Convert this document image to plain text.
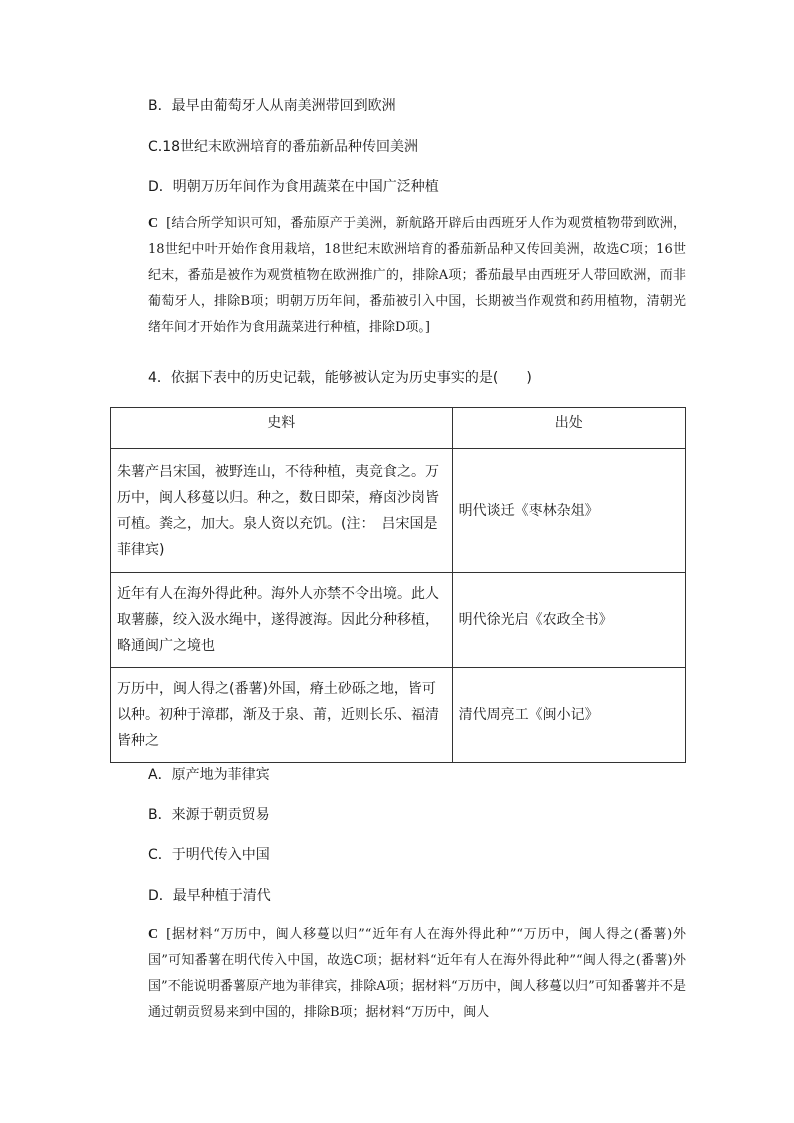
B．最早由葡萄牙人从南美洲带回到欧洲
C.18世纪末欧洲培育的番茄新品种传回美洲
D．明朝万历年间作为食用蔬菜在中国广泛种植
C [结合所学知识可知，番茄原产于美洲，新航路开辟后由西班牙人作为观赏植物带到欧洲，18世纪中叶开始作食用栽培，18世纪末欧洲培育的番茄新品种又传回美洲，故选C项；16世纪末，番茄是被作为观赏植物在欧洲推广的，排除A项；番茄最早由西班牙人带回欧洲，而非葡萄牙人，排除B项；明朝万历年间，番茄被引入中国，长期被当作观赏和药用植物，清朝光绪年间才开始作为食用蔬菜进行种植，排除D项。]
4．依据下表中的历史记载，能够被认定为历史事实的是(　　)
史料	出处
朱薯产吕宋国，被野连山，不待种植，夷竞食之。万历中，闽人移蔓以归。种之，数日即荣，瘠卤沙岗皆可植。粪之，加大。泉人资以充饥。(注：　吕宋国是菲律宾)	明代谈迁《枣林杂俎》
近年有人在海外得此种。海外人亦禁不令出境。此人取薯藤，绞入汲水绳中，遂得渡海。因此分种移植，略通闽广之境也	明代徐光启《农政全书》
万历中，闽人得之(番薯)外国，瘠土砂砾之地，皆可以种。初种于漳郡，渐及于泉、莆，近则长乐、福清皆种之	清代周亮工《闽小记》
A．原产地为菲律宾
B．来源于朝贡贸易
C．于明代传入中国
D．最早种植于清代
C [据材料“万历中，闽人移蔓以归”“近年有人在海外得此种”“万历中，闽人得之(番薯)外国”可知番薯在明代传入中国，故选C项；据材料“近年有人在海外得此种”“闽人得之(番薯)外国”不能说明番薯原产地为菲律宾，排除A项；据材料“万历中，闽人移蔓以归”可知番薯并不是通过朝贡贸易来到中国的，排除B项；据材料“万历中，闽人
